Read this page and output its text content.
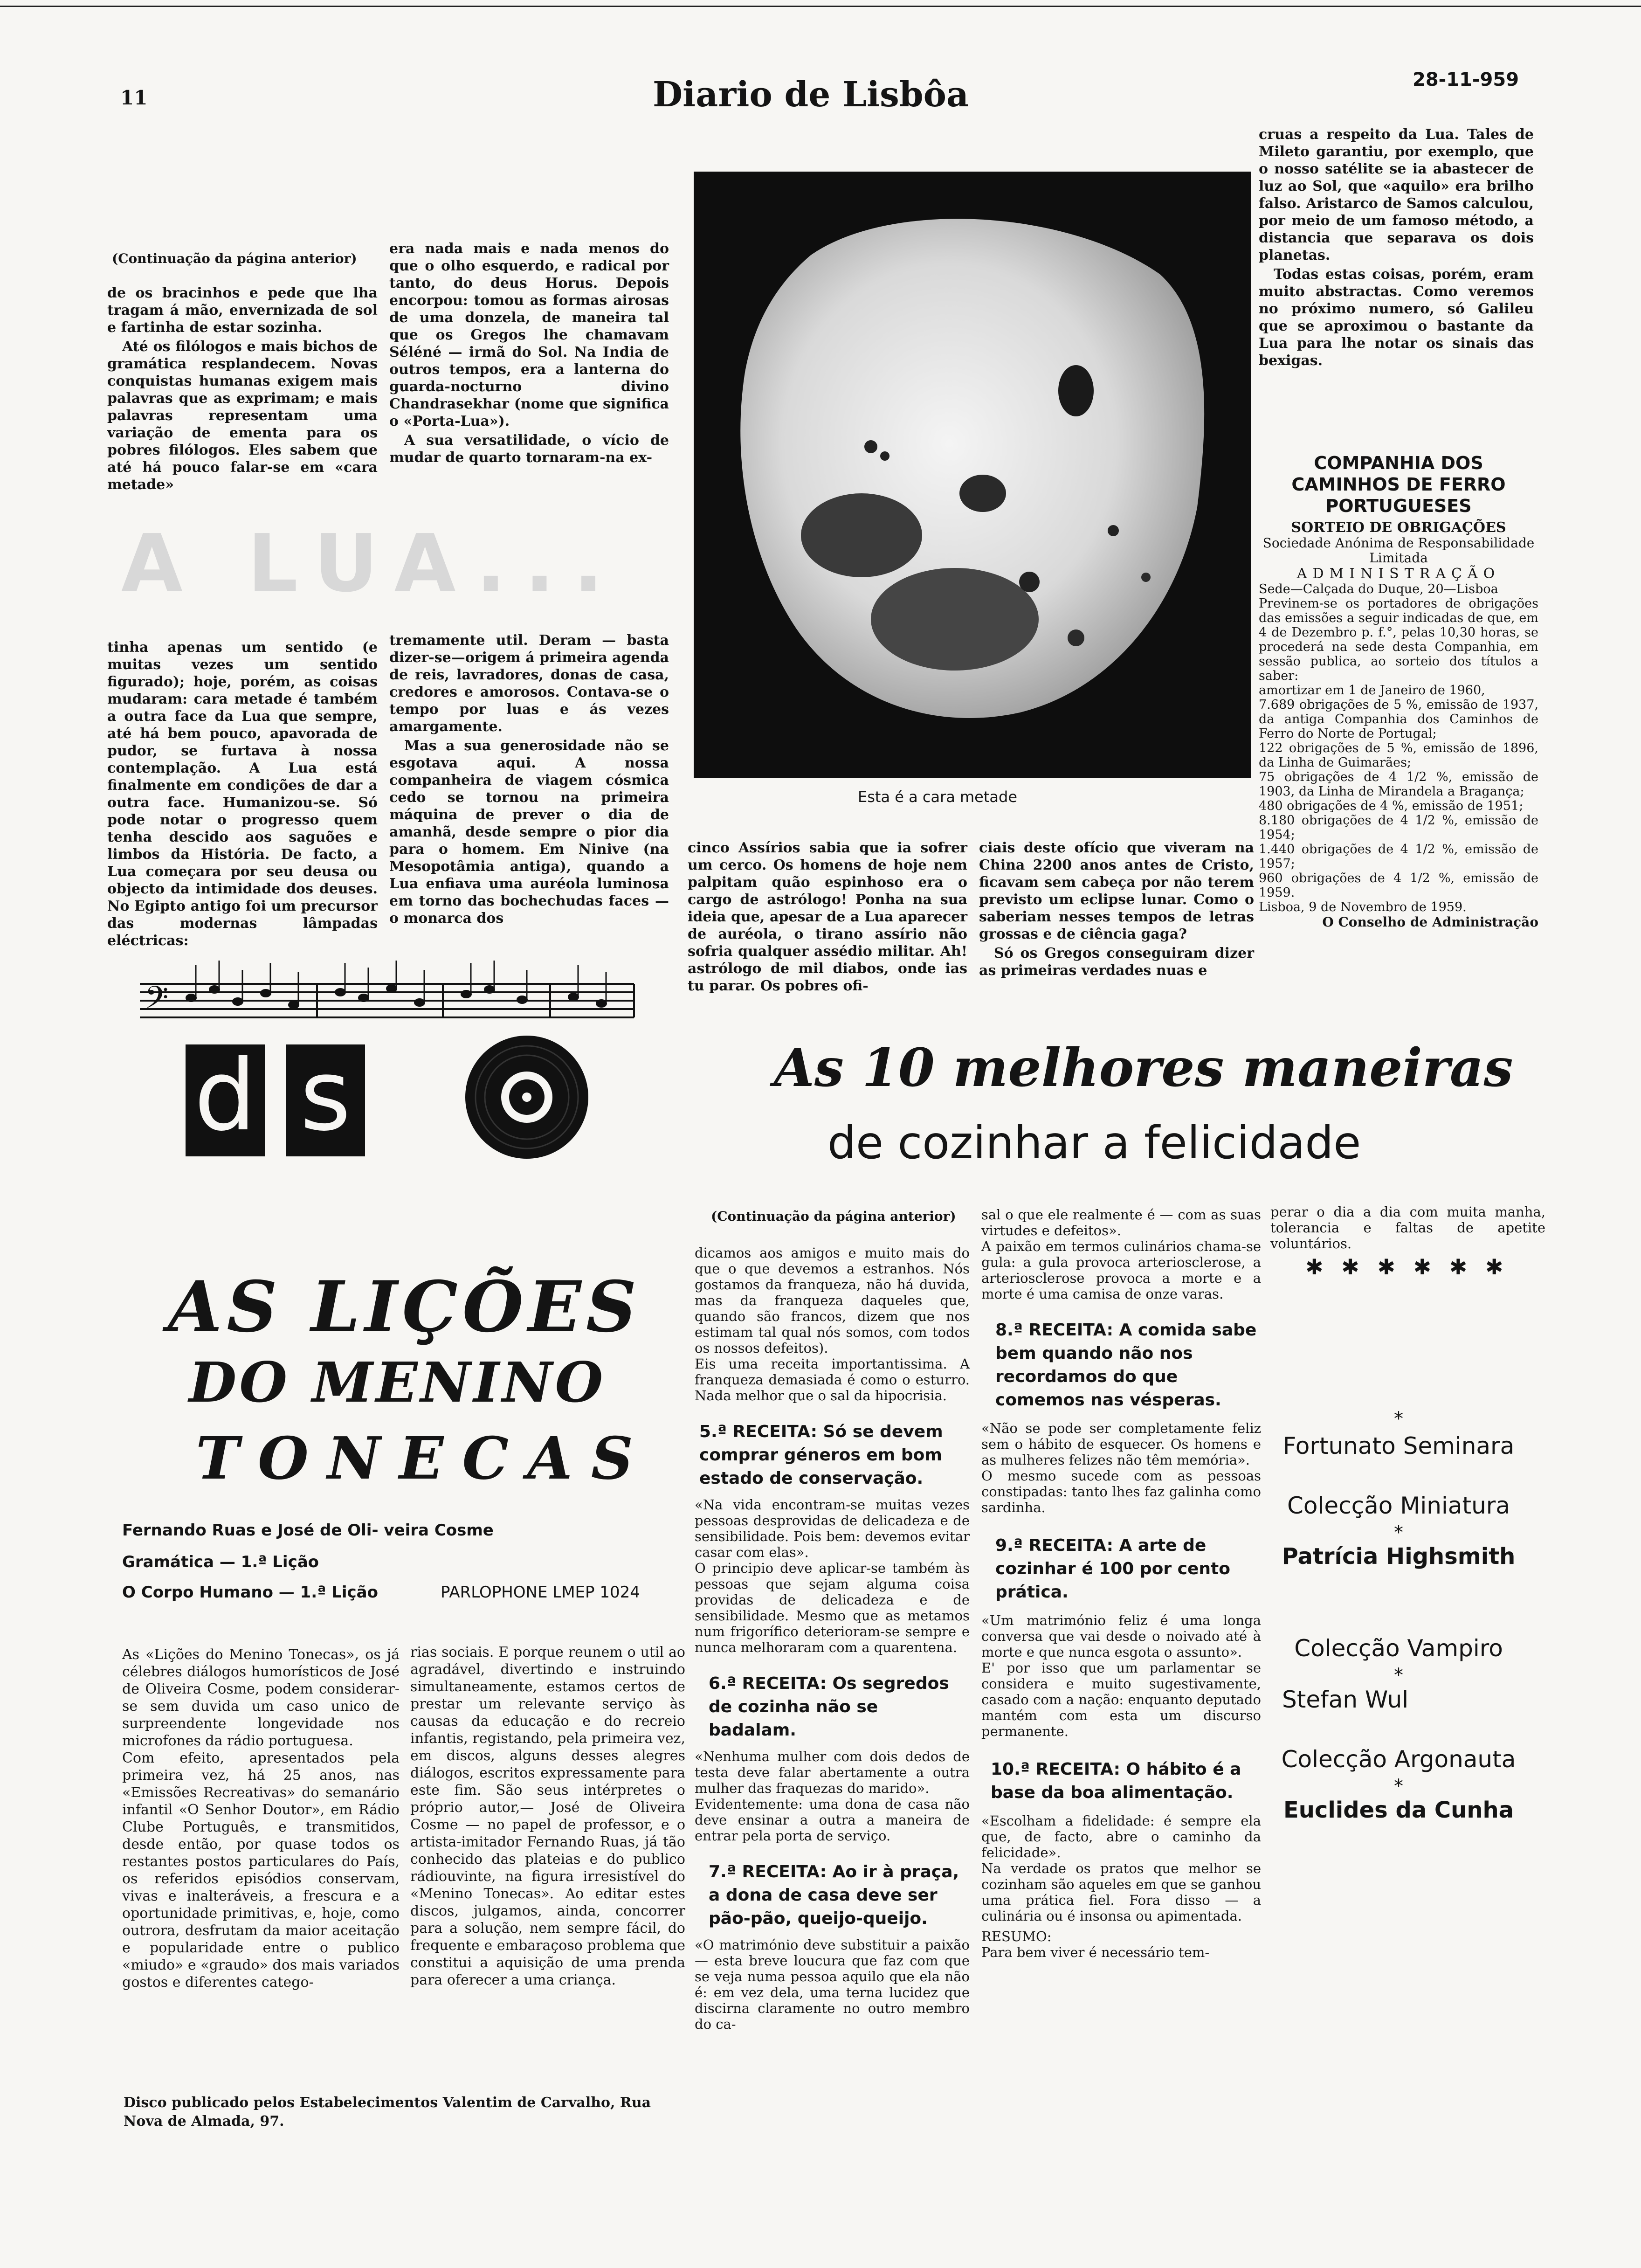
11	Diario de Lisbôa	28-11-959
(Continuação da página anterior)

de os bracinhos e pede que lha tragam á mão, envernizada de sol e fartinha de estar sozinha.

Até os filólogos e mais bichos de gramática resplandecem. Novas conquistas humanas exigem mais palavras que as exprimam; e mais palavras representam uma variação de ementa para os pobres filólogos. Eles sabem que até há pouco falar-se em «cara metade»

era nada mais e nada menos do que o olho esquerdo, e radical por tanto, do deus Horus. Depois encorpou: tomou as formas airosas de uma donzela, de maneira tal que os Gregos lhe chamavam Séléné — irmã do Sol. Na India de outros tempos, era a lanterna do guarda-nocturno divino Chandrasekhar (nome que significa o «Porta-Lua»).

A sua versatilidade, o vício de mudar de quarto tornaram-na ex-

A LUA...

tinha apenas um sentido (e muitas vezes um sentido figurado); hoje, porém, as coisas mudaram: cara metade é também a outra face da Lua que sempre, até há bem pouco, apavorada de pudor, se furtava à nossa contemplação. A Lua está finalmente em condições de dar a outra face. Humanizou-se. Só pode notar o progresso quem tenha descido aos saguões e limbos da História. De facto, a Lua começara por seu deusa ou objecto da intimidade dos deuses. No Egipto antigo foi um precursor das modernas lâmpadas eléctricas:

tremamente util. Deram — basta dizer-se—origem á primeira agenda de reis, lavradores, donas de casa, credores e amorosos. Contava-se o tempo por luas e ás vezes amargamente.

Mas a sua generosidade não se esgotava aqui. A nossa companheira de viagem cósmica cedo se tornou na primeira máquina de prever o dia de amanhã, desde sempre o pior dia para o homem. Em Ninive (na Mesopotâmia antiga), quando a Lua enfiava uma auréola luminosa em torno das bochechudas faces — o monarca dos

Esta é a cara metade

cinco Assírios sabia que ia sofrer um cerco. Os homens de hoje nem palpitam quão espinhoso era o cargo de astrólogo! Ponha na sua ideia que, apesar de a Lua aparecer de auréola, o tirano assírio não sofria qualquer assédio militar. Ah! astrólogo de mil diabos, onde ias tu parar. Os pobres ofi-

ciais deste ofício que viveram na China 2200 anos antes de Cristo, ficavam sem cabeça por não terem previsto um eclipse lunar. Como o saberiam nesses tempos de letras grossas e de ciência gaga?

Só os Gregos conseguiram dizer as primeiras verdades nuas e

cruas a respeito da Lua. Tales de Mileto garantiu, por exemplo, que o nosso satélite se ia abastecer de luz ao Sol, que «aquilo» era brilho falso. Aristarco de Samos calculou, por meio de um famoso método, a distancia que separava os dois planetas.

Todas estas coisas, porém, eram muito abstractas. Como veremos no próximo numero, só Galileu que se aproximou o bastante da Lua para lhe notar os sinais das bexigas.

COMPANHIA DOS CAMINHOS DE FERRO PORTUGUESES
SORTEIO DE OBRIGAÇÕES
Sociedade Anónima de Responsabilidade Limitada
ADMINISTRAÇÃO
Sede—Calçada do Duque, 20—Lisboa
Previnem-se os portadores de obrigações das emissões a seguir indicadas de que, em 4 de Dezembro p. f.°, pelas 10,30 horas, se procederá na sede desta Companhia, em sessão publica, ao sorteio dos títulos a saber:
amortizar em 1 de Janeiro de 1960,
7.689 obrigações de 5 %, emissão de 1937, da antiga Companhia dos Caminhos de Ferro do Norte de Portugal;
122 obrigações de 5 %, emissão de 1896, da Linha de Guimarães;
75 obrigações de 4 1/2 %, emissão de 1903, da Linha de Mirandela a Bragança;
480 obrigações de 4 %, emissão de 1951;
8.180 obrigações de 4 1/2 %, emissão de 1954;
1.440 obrigações de 4 1/2 %, emissão de 1957;
960 obrigações de 4 1/2 %, emissão de 1959.
Lisboa, 9 de Novembro de 1959.
O Conselho de Administração
𝄢
d s
AS LIÇÕES
DO MENINO
TONECAS
Fernando Ruas e José de Oli- veira Cosme
Gramática — 1.ª Lição
O Corpo Humano — 1.ª Lição	PARLOPHONE LMEP 1024
As «Lições do Menino Tonecas», os já célebres diálogos humorísticos de José de Oliveira Cosme, podem considerar-se sem duvida um caso unico de surpreendente longevidade nos microfones da rádio portuguesa.
Com efeito, apresentados pela primeira vez, há 25 anos, nas «Emissões Recreativas» do semanário infantil «O Senhor Doutor», em Rádio Clube Português, e transmitidos, desde então, por quase todos os restantes postos particulares do País, os referidos episódios conservam, vivas e inalteráveis, a frescura e a oportunidade primitivas, e, hoje, como outrora, desfrutam da maior aceitação e popularidade entre o publico «miudo» e «graudo» dos mais variados gostos e diferentes catego-

rias sociais. E porque reunem o util ao agradável, divertindo e instruindo simultaneamente, estamos certos de prestar um relevante serviço às causas da educação e do recreio infantis, registando, pela primeira vez, em discos, alguns desses alegres diálogos, escritos expressamente para este fim. São seus intérpretes o próprio autor,— José de Oliveira Cosme — no papel de professor, e o artista-imitador Fernando Ruas, já tão conhecido das plateias e do publico rádiouvinte, na figura irresistível do «Menino Tonecas». Ao editar estes discos, julgamos, ainda, concorrer para a solução, nem sempre fácil, do frequente e embaraçoso problema que constitui a aquisição de uma prenda para oferecer a uma criança.

Disco publicado pelos Estabelecimentos Valentim de Carvalho, Rua Nova de Almada, 97.
As 10 melhores maneiras
de cozinhar a felicidade
(Continuação da página anterior)
dicamos aos amigos e muito mais do que o que devemos a estranhos. Nós gostamos da franqueza, não há duvida, mas da franqueza daqueles que, quando são francos, dizem que nos estimam tal qual nós somos, com todos os nossos defeitos).
Eis uma receita importantissima. A franqueza demasiada é como o esturro. Nada melhor que o sal da hipocrisia.
5.ª RECEITA: Só se devem comprar géneros em bom estado de conservação.
«Na vida encontram-se muitas vezes pessoas desprovidas de delicadeza e de sensibilidade. Pois bem: devemos evitar casar com elas».
O principio deve aplicar-se também às pessoas que sejam alguma coisa providas de delicadeza e de sensibilidade. Mesmo que as metamos num frigorífico deterioram-se sempre e nunca melhoraram com a quarentena.
6.ª RECEITA: Os segredos de cozinha não se badalam.
«Nenhuma mulher com dois dedos de testa deve falar abertamente a outra mulher das fraquezas do marido».
Evidentemente: uma dona de casa não deve ensinar a outra a maneira de entrar pela porta de serviço.
7.ª RECEITA: Ao ir à praça, a dona de casa deve ser pão-pão, queijo-queijo.
«O matrimónio deve substituir a paixão — esta breve loucura que faz com que se veja numa pessoa aquilo que ela não é: em vez dela, uma terna lucidez que discirna claramente no outro membro do ca-
sal o que ele realmente é — com as suas virtudes e defeitos».
A paixão em termos culinários chama-se gula: a gula provoca arteriosclerose, a arteriosclerose provoca a morte e a morte é uma camisa de onze varas.
8.ª RECEITA: A comida sabe bem quando não nos recordamos do que comemos nas vésperas.
«Não se pode ser completamente feliz sem o hábito de esquecer. Os homens e as mulheres felizes não têm memória».
O mesmo sucede com as pessoas constipadas: tanto lhes faz galinha como sardinha.
9.ª RECEITA: A arte de cozinhar é 100 por cento prática.
«Um matrimónio feliz é uma longa conversa que vai desde o noivado até à morte e que nunca esgota o assunto».
E' por isso que um parlamentar se considera e muito sugestivamente, casado com a nação: enquanto deputado mantém com esta um discurso permanente.
10.ª RECEITA: O hábito é a base da boa alimentação.
«Escolham a fidelidade: é sempre ela que, de facto, abre o caminho da felicidade».
Na verdade os pratos que melhor se cozinham são aqueles em que se ganhou uma prática fiel. Fora disso — a culinária ou é insonsa ou apimentada.
RESUMO:
Para bem viver é necessário tem-
perar o dia a dia com muita manha, tolerancia e faltas de apetite voluntários.
✱ ✱ ✱ ✱ ✱ ✱
*
Fortunato Seminara
Colecção Miniatura
*
Patrícia Highsmith
Colecção Vampiro
*
Stefan Wul
Colecção Argonauta
*
Euclides da Cunha
